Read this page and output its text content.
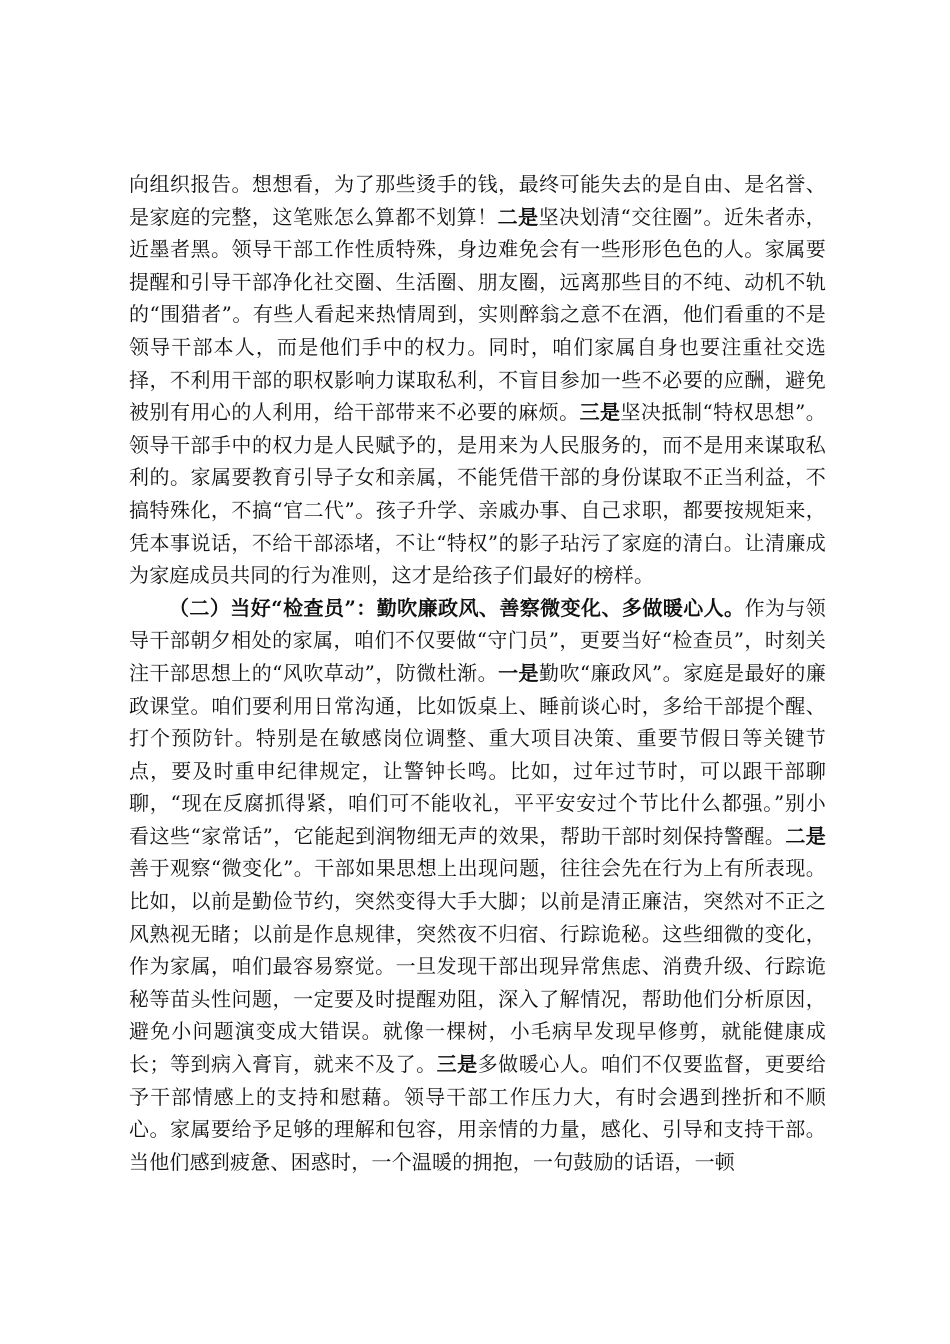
向组织报告。想想看，为了那些烫手的钱，最终可能失去的是自由、是名誉、是家庭的完整，这笔账怎么算都不划算！二是坚决划清“交往圈”。近朱者赤，近墨者黑。领导干部工作性质特殊，身边难免会有一些形形色色的人。家属要提醒和引导干部净化社交圈、生活圈、朋友圈，远离那些目的不纯、动机不轨的“围猎者”。有些人看起来热情周到，实则醉翁之意不在酒，他们看重的不是领导干部本人，而是他们手中的权力。同时，咱们家属自身也要注重社交选择，不利用干部的职权影响力谋取私利，不盲目参加一些不必要的应酬，避免被别有用心的人利用，给干部带来不必要的麻烦。三是坚决抵制“特权思想”。领导干部手中的权力是人民赋予的，是用来为人民服务的，而不是用来谋取私利的。家属要教育引导子女和亲属，不能凭借干部的身份谋取不正当利益，不搞特殊化，不搞“官二代”。孩子升学、亲戚办事、自己求职，都要按规矩来，凭本事说话，不给干部添堵，不让“特权”的影子玷污了家庭的清白。让清廉成为家庭成员共同的行为准则，这才是给孩子们最好的榜样。

（二）当好“检查员”：勤吹廉政风、善察微变化、多做暖心人。作为与领导干部朝夕相处的家属，咱们不仅要做“守门员”，更要当好“检查员”，时刻关注干部思想上的“风吹草动”，防微杜渐。一是勤吹“廉政风”。家庭是最好的廉政课堂。咱们要利用日常沟通，比如饭桌上、睡前谈心时，多给干部提个醒、打个预防针。特别是在敏感岗位调整、重大项目决策、重要节假日等关键节点，要及时重申纪律规定，让警钟长鸣。比如，过年过节时，可以跟干部聊聊，“现在反腐抓得紧，咱们可不能收礼，平平安安过个节比什么都强。”别小看这些“家常话”，它能起到润物细无声的效果，帮助干部时刻保持警醒。二是善于观察“微变化”。干部如果思想上出现问题，往往会先在行为上有所表现。比如，以前是勤俭节约，突然变得大手大脚；以前是清正廉洁，突然对不正之风熟视无睹；以前是作息规律，突然夜不归宿、行踪诡秘。这些细微的变化，作为家属，咱们最容易察觉。一旦发现干部出现异常焦虑、消费升级、行踪诡秘等苗头性问题，一定要及时提醒劝阻，深入了解情况，帮助他们分析原因，避免小问题演变成大错误。就像一棵树，小毛病早发现早修剪，就能健康成长；等到病入膏肓，就来不及了。三是多做暖心人。咱们不仅要监督，更要给予干部情感上的支持和慰藉。领导干部工作压力大，有时会遇到挫折和不顺心。家属要给予足够的理解和包容，用亲情的力量，感化、引导和支持干部。当他们感到疲惫、困惑时，一个温暖的拥抱，一句鼓励的话语，一顿
